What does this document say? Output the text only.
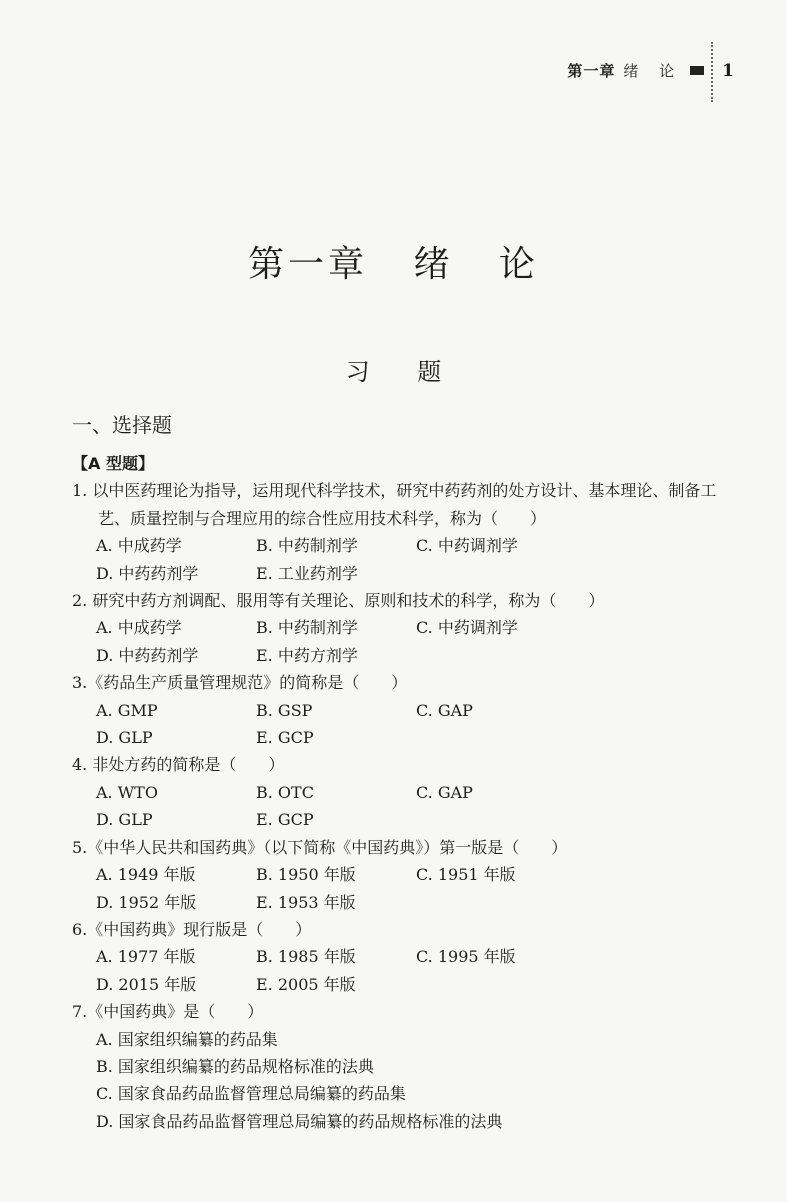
第一章 绪 论 1
第一章 绪 论
习 题
一、选择题
【A 型题】
1. 以中医药理论为指导，运用现代科学技术，研究中药药剂的处方设计、基本理论、制备工艺、质量控制与合理应用的综合性应用技术科学，称为（　　）
A. 中成药学	B. 中药制剂学	C. 中药调剂学
D. 中药药剂学	E. 工业药剂学
2. 研究中药方剂调配、服用等有关理论、原则和技术的科学，称为（　　）
A. 中成药学	B. 中药制剂学	C. 中药调剂学
D. 中药药剂学	E. 中药方剂学
3.《药品生产质量管理规范》的简称是（　　）
A. GMP	B. GSP	C. GAP
D. GLP	E. GCP
4. 非处方药的简称是（　　）
A. WTO	B. OTC	C. GAP
D. GLP	E. GCP
5.《中华人民共和国药典》（以下简称《中国药典》）第一版是（　　）
A. 1949 年版	B. 1950 年版	C. 1951 年版
D. 1952 年版	E. 1953 年版
6.《中国药典》现行版是（　　）
A. 1977 年版	B. 1985 年版	C. 1995 年版
D. 2015 年版	E. 2005 年版
7.《中国药典》是（　　）
A. 国家组织编纂的药品集
B. 国家组织编纂的药品规格标准的法典
C. 国家食品药品监督管理总局编纂的药品集
D. 国家食品药品监督管理总局编纂的药品规格标准的法典
